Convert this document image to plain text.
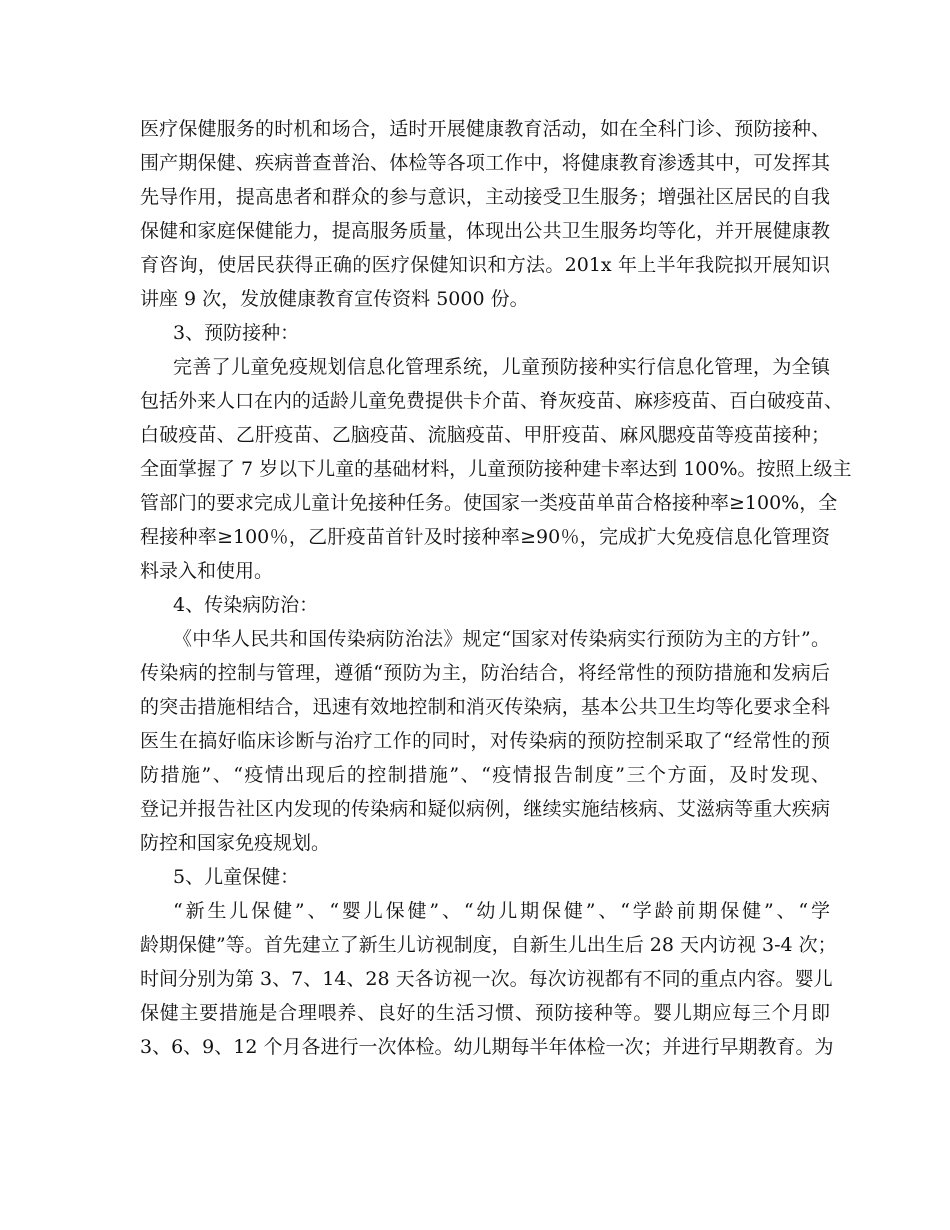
医疗保健服务的时机和场合，适时开展健康教育活动，如在全科门诊、预防接种、
围产期保健、疾病普查普治、体检等各项工作中，将健康教育渗透其中，可发挥其
先导作用，提高患者和群众的参与意识，主动接受卫生服务；增强社区居民的自我
保健和家庭保健能力，提高服务质量，体现出公共卫生服务均等化，并开展健康教
育咨询，使居民获得正确的医疗保健知识和方法。201x 年上半年我院拟开展知识
讲座 9 次，发放健康教育宣传资料 5000 份。
3、预防接种：
完善了儿童免疫规划信息化管理系统，儿童预防接种实行信息化管理，为全镇
包括外来人口在内的适龄儿童免费提供卡介苗、脊灰疫苗、麻疹疫苗、百白破疫苗、
白破疫苗、乙肝疫苗、乙脑疫苗、流脑疫苗、甲肝疫苗、麻风腮疫苗等疫苗接种；
全面掌握了 7 岁以下儿童的基础材料，儿童预防接种建卡率达到 100%。按照上级主
管部门的要求完成儿童计免接种任务。使国家一类疫苗单苗合格接种率≥100%，全
程接种率≥100％，乙肝疫苗首针及时接种率≥90％，完成扩大免疫信息化管理资
料录入和使用。
4、传染病防治：
《中华人民共和国传染病防治法》规定“国家对传染病实行预防为主的方针”。
传染病的控制与管理，遵循“预防为主，防治结合，将经常性的预防措施和发病后
的突击措施相结合，迅速有效地控制和消灭传染病，基本公共卫生均等化要求全科
医生在搞好临床诊断与治疗工作的同时，对传染病的预防控制采取了“经常性的预
防措施”、“疫情出现后的控制措施”、“疫情报告制度”三个方面，及时发现、
登记并报告社区内发现的传染病和疑似病例，继续实施结核病、艾滋病等重大疾病
防控和国家免疫规划。
5、儿童保健：
“新生儿保健”、“婴儿保健”、“幼儿期保健”、“学龄前期保健”、“学
龄期保健”等。首先建立了新生儿访视制度，自新生儿出生后 28 天内访视 3-4 次；
时间分别为第 3、7、14、28 天各访视一次。每次访视都有不同的重点内容。婴儿
保健主要措施是合理喂养、良好的生活习惯、预防接种等。婴儿期应每三个月即
3、6、9、12 个月各进行一次体检。幼儿期每半年体检一次；并进行早期教育。为
